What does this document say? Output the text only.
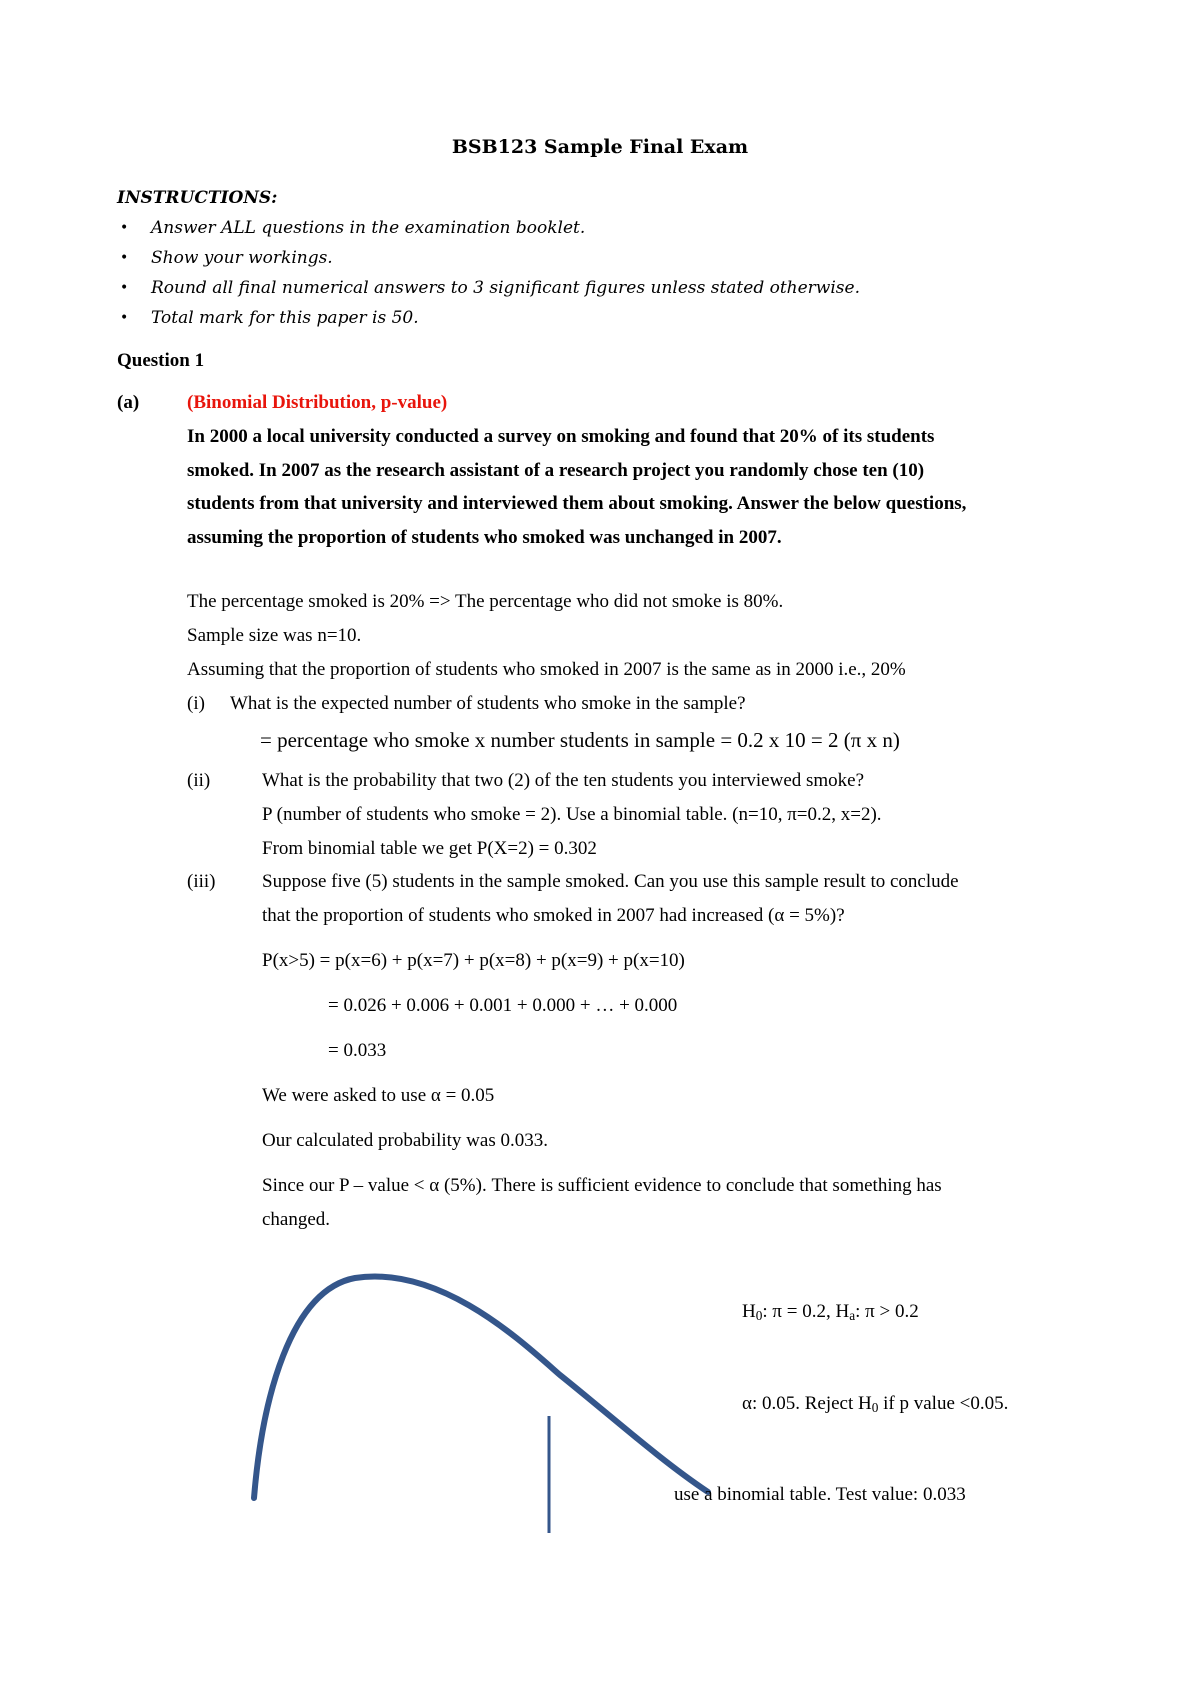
BSB123 Sample Final Exam
INSTRUCTIONS:
• Answer ALL questions in the examination booklet.
• Show your workings.
• Round all final numerical answers to 3 significant figures unless stated otherwise.
• Total mark for this paper is 50.
Question 1
(a)	(Binomial Distribution, p-value)
In 2000 a local university conducted a survey on smoking and found that 20% of its students
smoked. In 2007 as the research assistant of a research project you randomly chose ten (10)
students from that university and interviewed them about smoking. Answer the below questions,
assuming the proportion of students who smoked was unchanged in 2007.
The percentage smoked is 20% => The percentage who did not smoke is 80%.
Sample size was n=10.
Assuming that the proportion of students who smoked in 2007 is the same as in 2000 i.e., 20%
(i) What is the expected number of students who smoke in the sample?
= percentage who smoke x number students in sample = 0.2 x 10 = 2 (π x n)
(ii)	What is the probability that two (2) of the ten students you interviewed smoke?
P (number of students who smoke = 2). Use a binomial table. (n=10, π=0.2, x=2).
From binomial table we get P(X=2) = 0.302
(iii) Suppose five (5) students in the sample smoked. Can you use this sample result to conclude
that the proportion of students who smoked in 2007 had increased (α = 5%)?
P(x>5) = p(x=6) + p(x=7) + p(x=8) + p(x=9) + p(x=10)
= 0.026 + 0.006 + 0.001 + 0.000 + … + 0.000
= 0.033
We were asked to use α = 0.05
Our calculated probability was 0.033.
Since our P – value < α (5%). There is sufficient evidence to conclude that something has
changed.
$H_0$: π = 0.2, $H_a$: π > 0.2
α: 0.05. Reject $H_0$ if p value <0.05.
use a binomial table. Test value: 0.033
